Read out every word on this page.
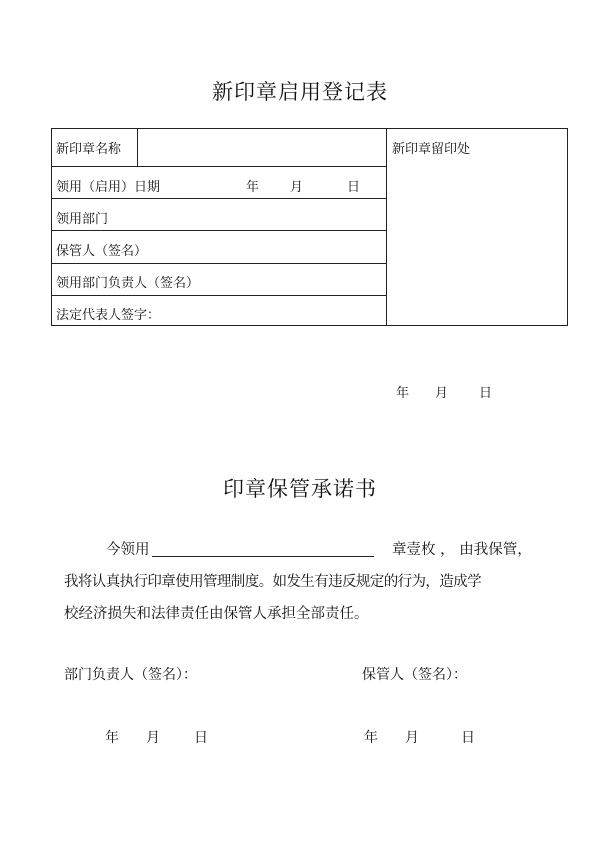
新印章启用登记表
新印章名称
领用（启用）日期	年 月	日
领用部门
保管人（签名）
领用部门负责人（签名）
法定代表人签字：
新印章留印处
年 月 日
印章保管承诺书
今领用	章壹枚 ， 由我保管，
我将认真执行印章使用管理制度。如发生有违反规定的行为，造成学
校经济损失和法律责任由保管人承担全部责任。
部门负责人（签名）：	保管人（签名）：
年 月 日	年 月	日
